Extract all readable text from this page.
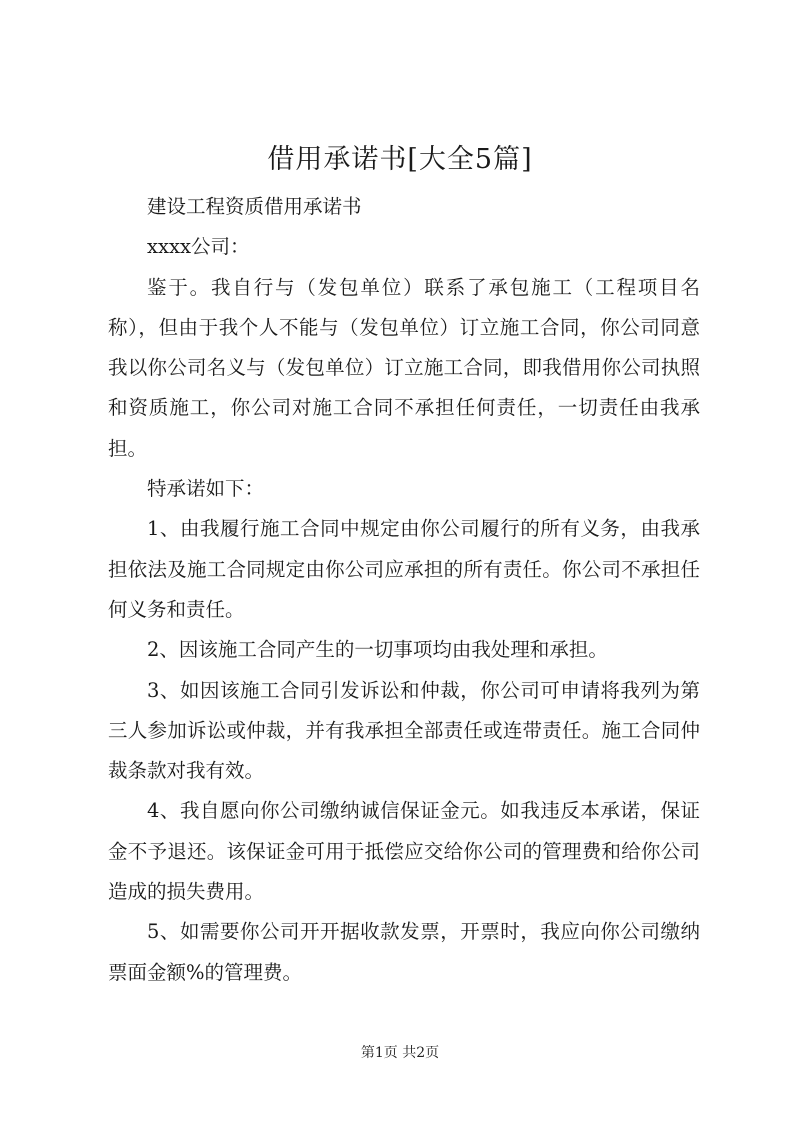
借用承诺书[大全5篇]

建设工程资质借用承诺书

xxxx公司：

鉴于。我自行与（发包单位）联系了承包施工（工程项目名称），但由于我个人不能与（发包单位）订立施工合同，你公司同意我以你公司名义与（发包单位）订立施工合同，即我借用你公司执照和资质施工，你公司对施工合同不承担任何责任，一切责任由我承担。

特承诺如下：

1、由我履行施工合同中规定由你公司履行的所有义务，由我承担依法及施工合同规定由你公司应承担的所有责任。你公司不承担任何义务和责任。

2、因该施工合同产生的一切事项均由我处理和承担。

3、如因该施工合同引发诉讼和仲裁，你公司可申请将我列为第三人参加诉讼或仲裁，并有我承担全部责任或连带责任。施工合同仲裁条款对我有效。

4、我自愿向你公司缴纳诚信保证金元。如我违反本承诺，保证金不予退还。该保证金可用于抵偿应交给你公司的管理费和给你公司造成的损失费用。

5、如需要你公司开开据收款发票，开票时，我应向你公司缴纳票面金额%的管理费。

第1页 共2页
